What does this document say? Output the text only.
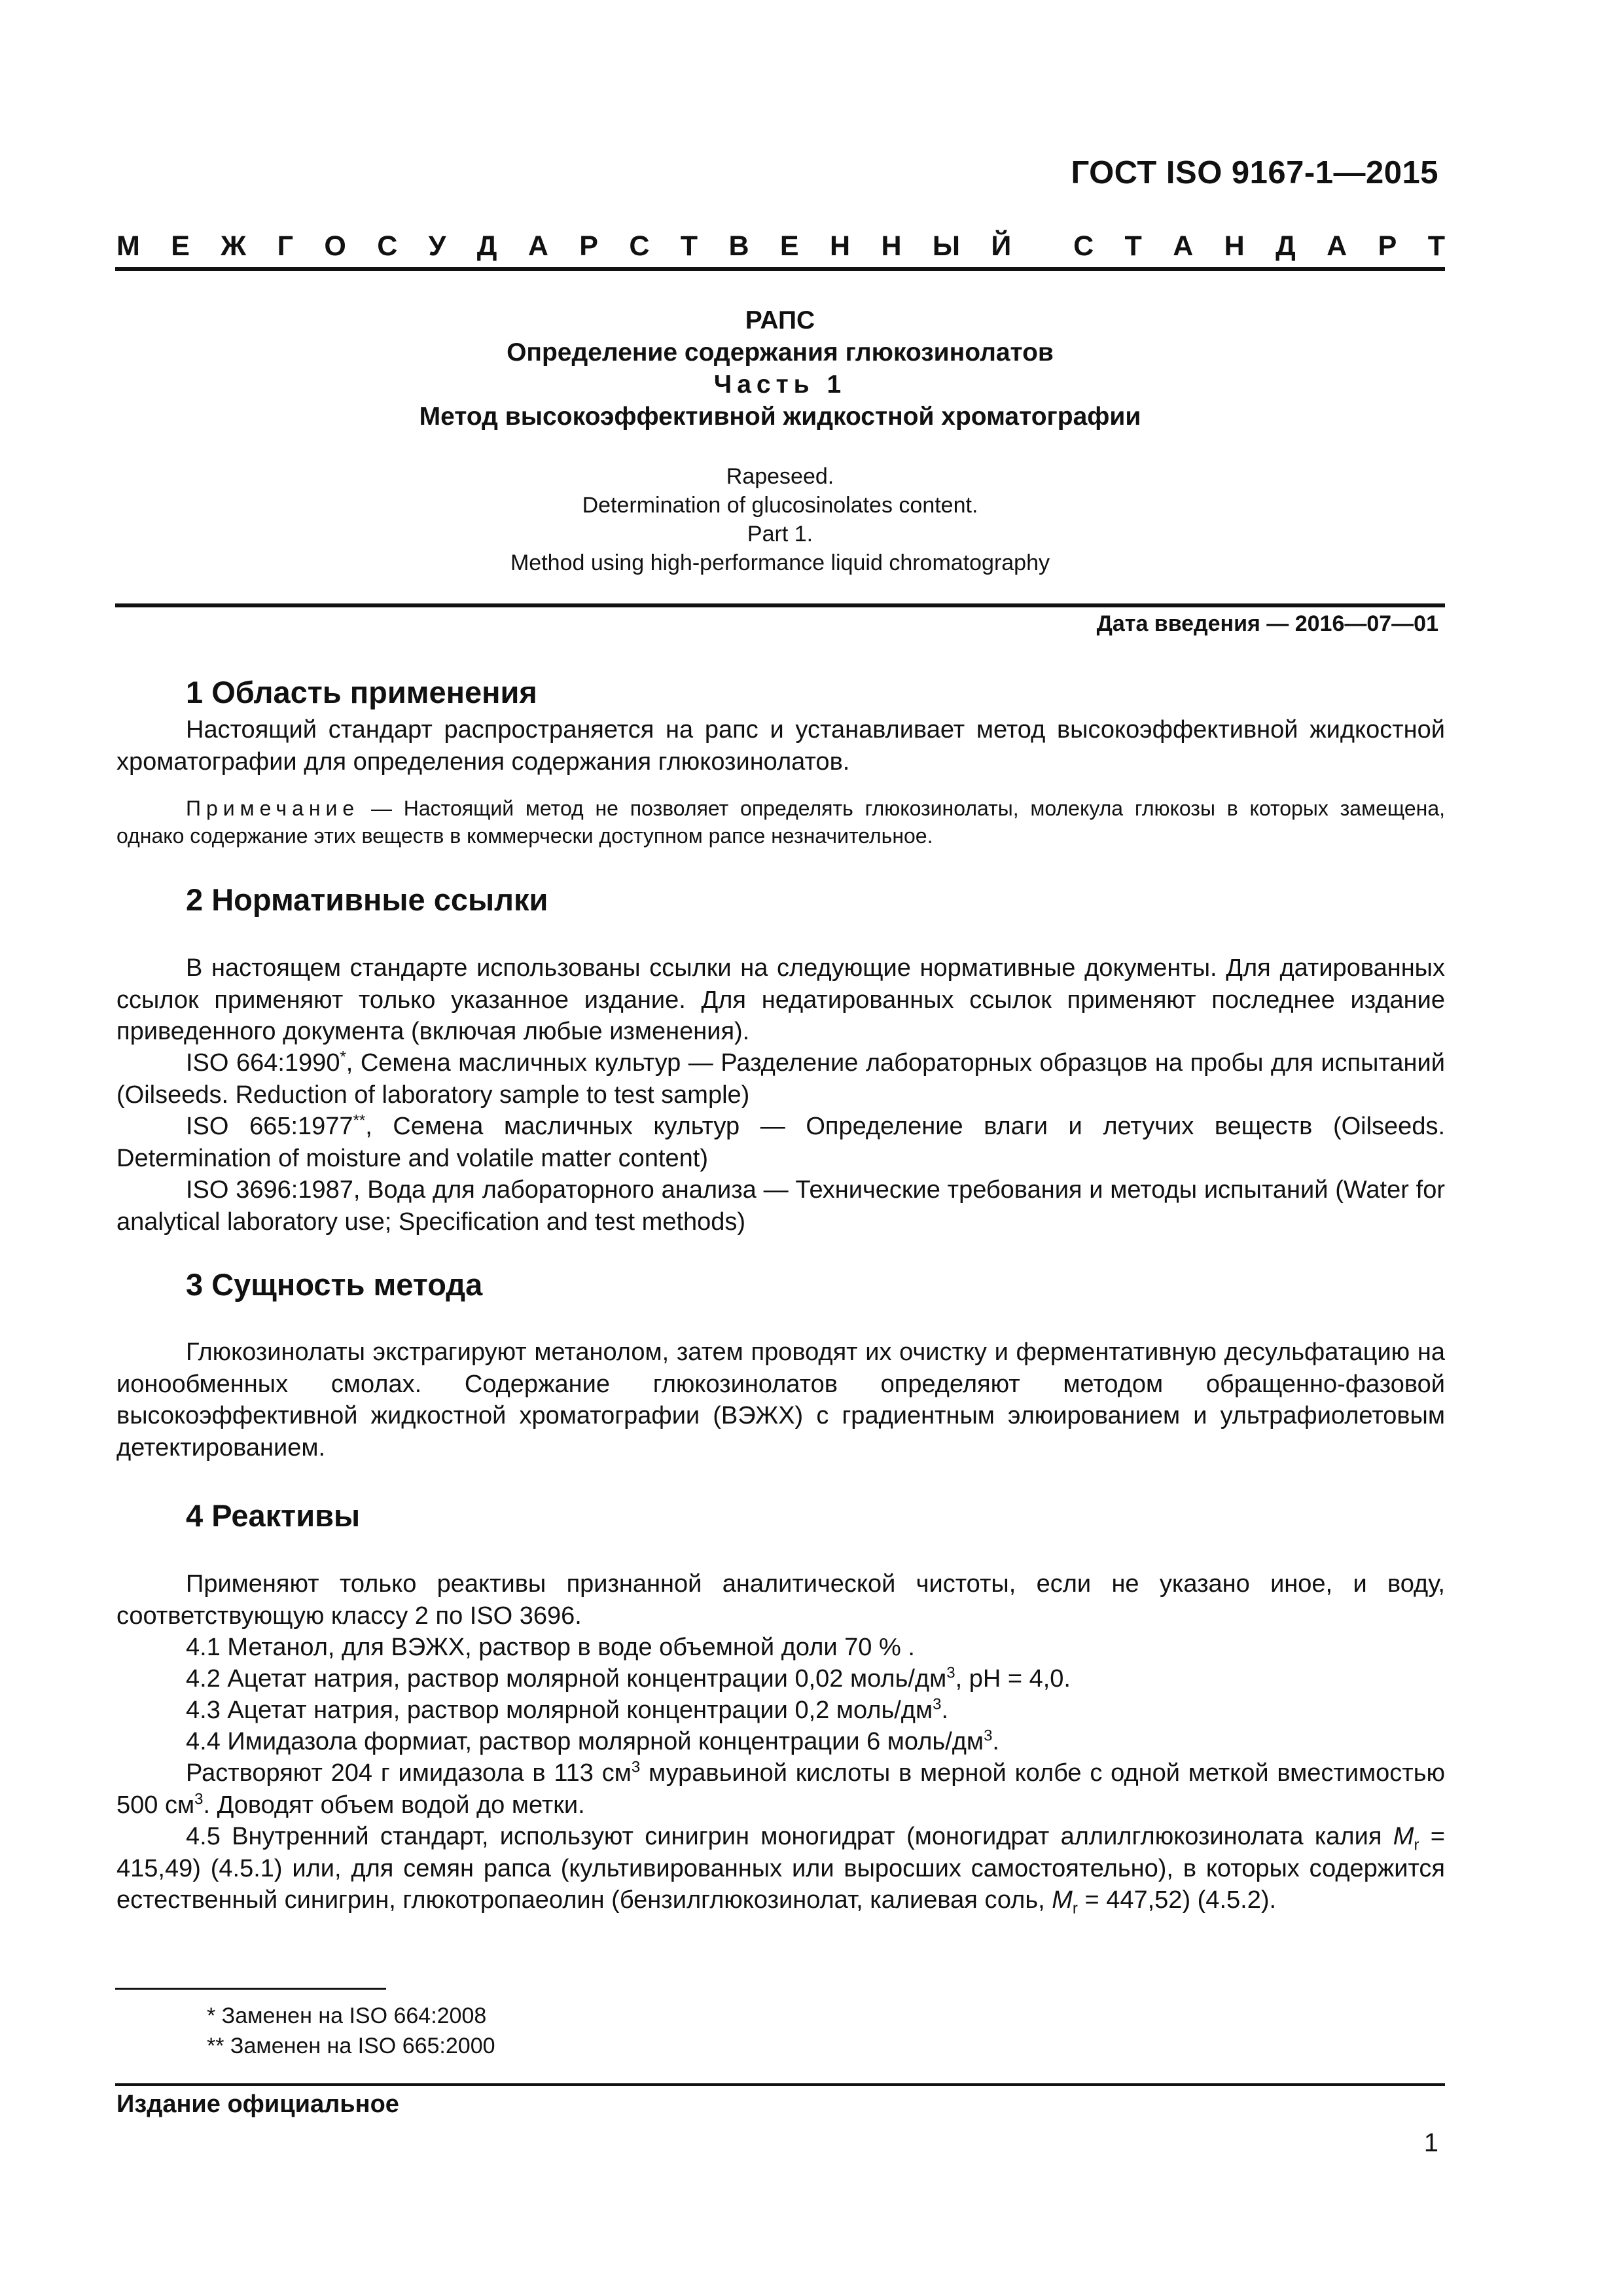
ГОСТ ISO 9167-1—2015
М Е Ж Г О С У Д А Р С Т В Е Н Н Ы Й С Т А Н Д А Р Т
РАПС
Определение содержания глюкозинолатов
Часть 1
Метод высокоэффективной жидкостной хроматографии
Rapeseed.
Determination of glucosinolates content.
Part 1.
Method using high-performance liquid chromatography
Дата введения — 2016—07—01
1 Область применения
Настоящий стандарт распространяется на рапс и устанавливает метод высокоэффективной жидкостной хроматографии для определения содержания глюкозинолатов.
Примечание — Настоящий метод не позволяет определять глюкозинолаты, молекула глюкозы в которых замещена, однако содержание этих веществ в коммерчески доступном рапсе незначительное.
2 Нормативные ссылки
В настоящем стандарте использованы ссылки на следующие нормативные документы. Для датированных ссылок применяют только указанное издание. Для недатированных ссылок применяют последнее издание приведенного документа (включая любые изменения).
ISO 664:1990*, Семена масличных культур — Разделение лабораторных образцов на пробы для испытаний (Oilseeds. Reduction of laboratory sample to test sample)
ISO 665:1977**, Семена масличных культур — Определение влаги и летучих веществ (Oilseeds. Determination of moisture and volatile matter content)
ISO 3696:1987, Вода для лабораторного анализа — Технические требования и методы испытаний (Water for analytical laboratory use; Specification and test methods)
3 Сущность метода
Глюкозинолаты экстрагируют метанолом, затем проводят их очистку и ферментативную десульфатацию на ионообменных смолах. Содержание глюкозинолатов определяют методом обращенно-фазовой высокоэффективной жидкостной хроматографии (ВЭЖХ) с градиентным элюированием и ультрафиолетовым детектированием.
4 Реактивы
Применяют только реактивы признанной аналитической чистоты, если не указано иное, и воду, соответствующую классу 2 по ISO 3696.
4.1 Метанол, для ВЭЖХ, раствор в воде объемной доли 70 % .
4.2 Ацетат натрия, раствор молярной концентрации 0,02 моль/$дм^3$, pH = 4,0.
4.3 Ацетат натрия, раствор молярной концентрации 0,2 моль/$дм^3$.
4.4 Имидазола формиат, раствор молярной концентрации 6 моль/$дм^3$.
Растворяют 204 г имидазола в 113 $см^3$ муравьиной кислоты в мерной колбе с одной меткой вместимостью 500 $см^3$. Доводят объем водой до метки.
4.5 Внутренний стандарт, используют синигрин моногидрат (моногидрат аллилглюкозинолата калия $M_r = 415,49$) (4.5.1) или, для семян рапса (культивированных или выросших самостоятельно), в которых содержится естественный синигрин, глюкотропаеолин (бензилглюкозинолат, калиевая соль, $M_r = 447,52$) (4.5.2).
* Заменен на ISO 664:2008
** Заменен на ISO 665:2000
Издание официальное
1
